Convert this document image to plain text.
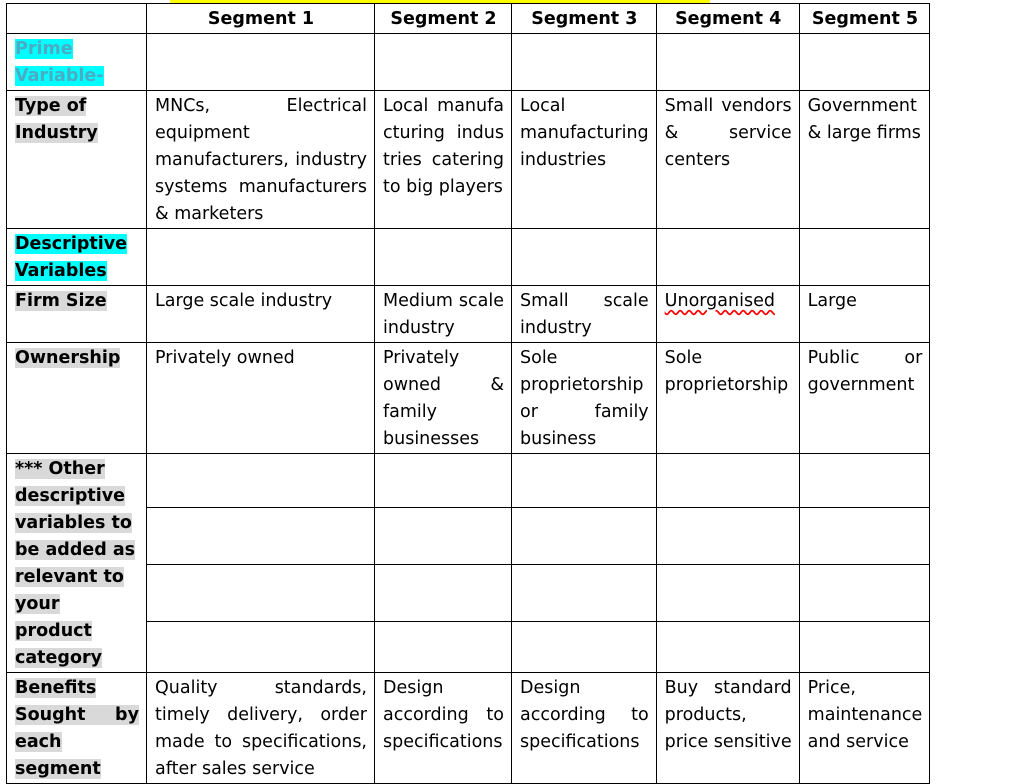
	Segment 1	Segment 2	Segment 3	Segment 4	Segment 5
Prime Variable-					
Type of Industry	MNCs, Electrical equipment manufacturers, industry systems manufacturers & marketers	Local manufacturing industries catering to big players	Local manufacturing industries	Small vendors & service centers	Government & large firms
Descriptive Variables					
Firm Size	Large scale industry	Medium scale industry	Small scale industry	Unorganised	Large
Ownership	Privately owned	Privately owned & family businesses	Sole proprietorship or family business	Sole proprietorship	Public or government
*** Other descriptive variables to be added as relevant to your product category					

Benefits Sought by each segment	Quality standards, timely delivery, order made to specifications, after sales service	Design according to specifications	Design according to specifications	Buy standard products, price sensitive	Price, maintenance and service
